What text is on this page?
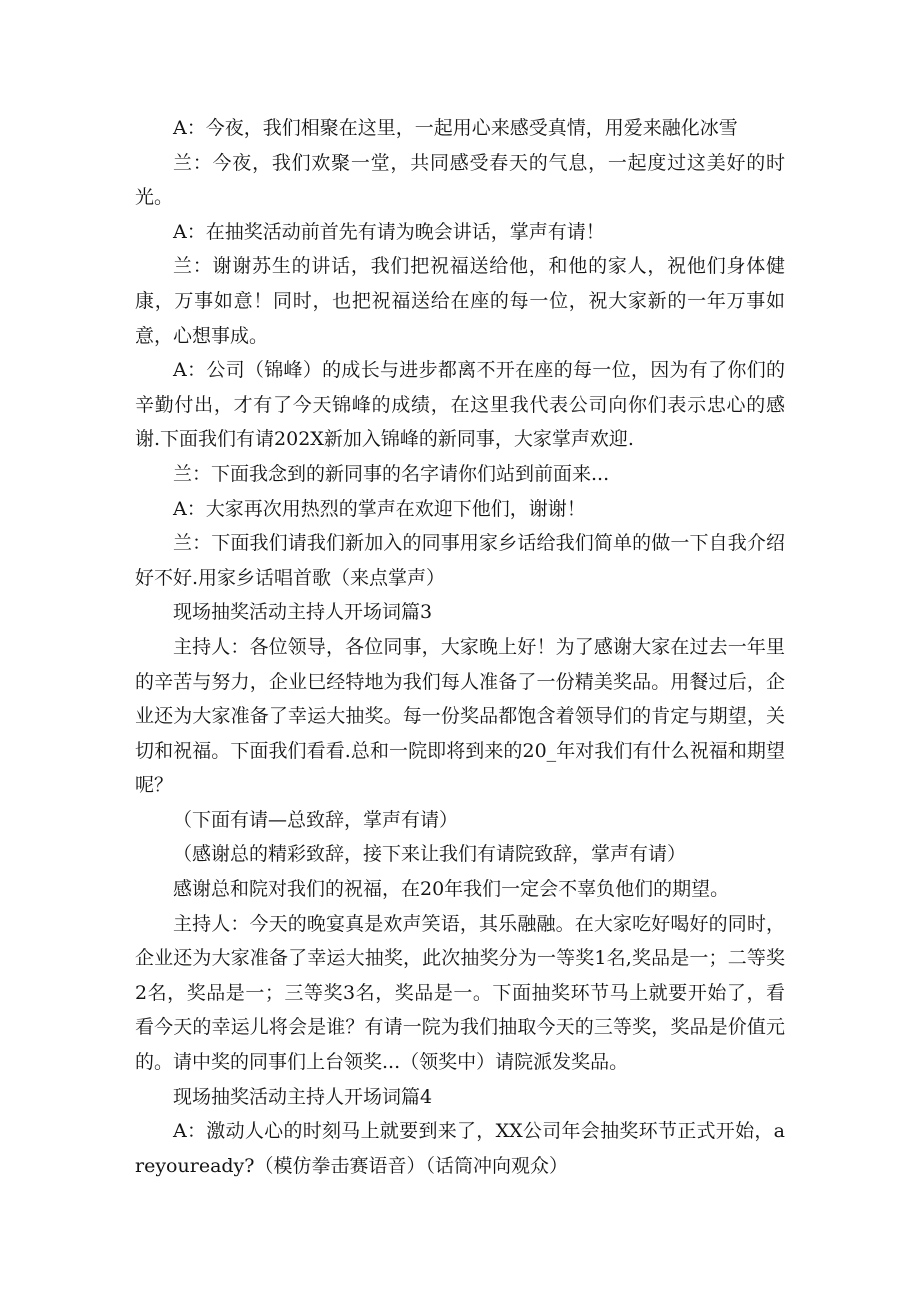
A：今夜，我们相聚在这里，一起用心来感受真情，用爱来融化冰雪

兰：今夜，我们欢聚一堂，共同感受春天的气息，一起度过这美好的时光。

A：在抽奖活动前首先有请为晚会讲话，掌声有请！

兰：谢谢苏生的讲话，我们把祝福送给他，和他的家人，祝他们身体健康，万事如意！同时，也把祝福送给在座的每一位，祝大家新的一年万事如意，心想事成。

A：公司（锦峰）的成长与进步都离不开在座的每一位，因为有了你们的辛勤付出，才有了今天锦峰的成绩，在这里我代表公司向你们表示忠心的感谢.下面我们有请202X新加入锦峰的新同事，大家掌声欢迎.

兰：下面我念到的新同事的名字请你们站到前面来...

A：大家再次用热烈的掌声在欢迎下他们，谢谢！

兰：下面我们请我们新加入的同事用家乡话给我们简单的做一下自我介绍好不好.用家乡话唱首歌（来点掌声）

现场抽奖活动主持人开场词篇3

主持人：各位领导，各位同事，大家晚上好！为了感谢大家在过去一年里的辛苦与努力，企业巳经特地为我们每人准备了一份精美奖品。用餐过后，企业还为大家准备了幸运大抽奖。每一份奖品都饱含着领导们的肯定与期望，关切和祝福。下面我们看看.总和一院即将到来的20_年对我们有什么祝福和期望呢？

（下面有请—总致辞，掌声有请）

（感谢总的精彩致辞，接下来让我们有请院致辞，掌声有请）

感谢总和院对我们的祝福，在20年我们一定会不辜负他们的期望。

主持人：今天的晚宴真是欢声笑语，其乐融融。在大家吃好喝好的同时，企业还为大家准备了幸运大抽奖，此次抽奖分为一等奖1名,奖品是一；二等奖2名，奖品是一；三等奖3名，奖品是一。下面抽奖环节马上就要开始了，看看今天的幸运儿将会是谁？有请一院为我们抽取今天的三等奖，奖品是价值元的。请中奖的同事们上台领奖...（领奖中）请院派发奖品。

现场抽奖活动主持人开场词篇4

A：激动人心的时刻马上就要到来了，XX公司年会抽奖环节正式开始，areyouready?（模仿拳击赛语音）（话筒冲向观众）
